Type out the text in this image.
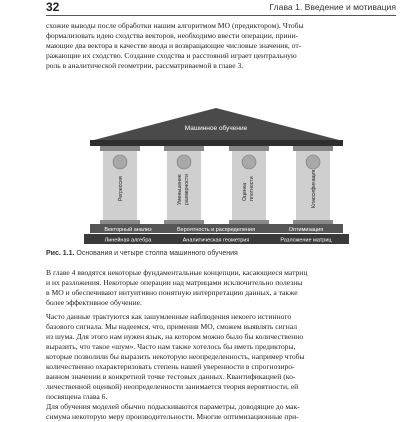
32	Глава 1. Введение и мотивация
схожие выводы после обработки нашим алгоритмом МО (предиктором). Чтобы
формализовать идею сходства векторов, необходимо ввести операции, прини-
мающие два вектора в качестве ввода и возвращающие числовые значения, от-
ражающие их сходство. Создание сходства и расстояний играет центральную
роль в аналитической геометрии, рассматриваемой в главе 3.
Машинное обучение
Регрессия	Уменьшение размерности	Оценка плотности	Классификация
Векторный анализ	Вероятность и распределения	Оптимизация
Линейная алгебра	Аналитическая геометрия	Разложение матриц
Рис. 1.1. Основания и четыре столпа машинного обучения
В главе 4 вводятся некоторые фундаментальные концепции, касающиеся матриц
и их разложения. Некоторые операции над матрицами исключительно полезны
в МО и обеспечивают интуитивно понятную интерпретацию данных, а также
более эффективное обучение.
Часто данные трактуются как зашумленные наблюдения некоего истинного
базового сигнала. Мы надеемся, что, применив МО, сможем выявлять сигнал
из шума. Для этого нам нужен язык, на котором можно было бы количественно
выразить, что такое «шум». Часто нам также хотелось бы иметь предикторы,
которые позволили бы выразить некоторую неопределенность, например чтобы
количественно охарактеризовать степень нашей уверенности в спрогнозиро-
ванном значении в конкретной точке тестовых данных. Квантификацией (ко-
личественной оценкой) неопределенности занимается теория вероятности, ей
посвящена глава 6.
Для обучения моделей обычно подыскиваются параметры, доводящие до мак-
симума некоторую меру производительности. Многие оптимизационные при-
